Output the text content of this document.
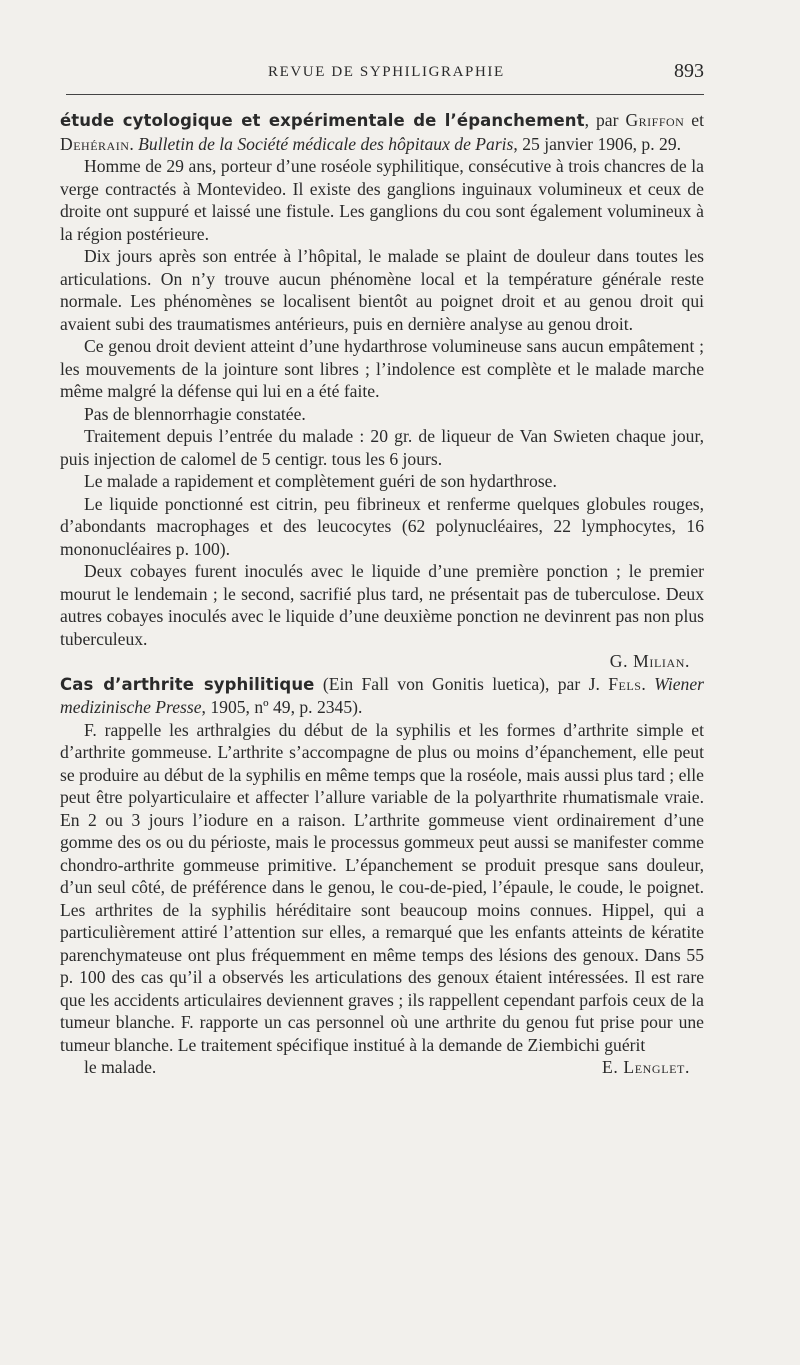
REVUE DE SYPHILIGRAPHIE	893

étude cytologique et expérimentale de l’épanchement, par Griffon et Dehérain. Bulletin de la Société médicale des hôpitaux de Paris, 25 janvier 1906, p. 29.

Homme de 29 ans, porteur d’une roséole syphilitique, consécutive à trois chancres de la verge contractés à Montevideo. Il existe des ganglions inguinaux volumineux et ceux de droite ont suppuré et laissé une fistule. Les ganglions du cou sont également volumineux à la région postérieure.

Dix jours après son entrée à l’hôpital, le malade se plaint de douleur dans toutes les articulations. On n’y trouve aucun phénomène local et la température générale reste normale. Les phénomènes se localisent bientôt au poignet droit et au genou droit qui avaient subi des traumatismes antérieurs, puis en dernière analyse au genou droit.

Ce genou droit devient atteint d’une hydarthrose volumineuse sans aucun empâtement ; les mouvements de la jointure sont libres ; l’indolence est complète et le malade marche même malgré la défense qui lui en a été faite.

Pas de blennorrhagie constatée.

Traitement depuis l’entrée du malade : 20 gr. de liqueur de Van Swieten chaque jour, puis injection de calomel de 5 centigr. tous les 6 jours.

Le malade a rapidement et complètement guéri de son hydarthrose.

Le liquide ponctionné est citrin, peu fibrineux et renferme quelques globules rouges, d’abondants macrophages et des leucocytes (62 polynucléaires, 22 lymphocytes, 16 mononucléaires p. 100).

Deux cobayes furent inoculés avec le liquide d’une première ponction ; le premier mourut le lendemain ; le second, sacrifié plus tard, ne présentait pas de tuberculose. Deux autres cobayes inoculés avec le liquide d’une deuxième ponction ne devinrent pas non plus tuberculeux.

G. Milian.

Cas d’arthrite syphilitique (Ein Fall von Gonitis luetica), par J. Fels. Wiener medizinische Presse, 1905, nº 49, p. 2345).

F. rappelle les arthralgies du début de la syphilis et les formes d’arthrite simple et d’arthrite gommeuse. L’arthrite s’accompagne de plus ou moins d’épanchement, elle peut se produire au début de la syphilis en même temps que la roséole, mais aussi plus tard ; elle peut être polyarticulaire et affecter l’allure variable de la polyarthrite rhumatismale vraie. En 2 ou 3 jours l’iodure en a raison. L’arthrite gommeuse vient ordinairement d’une gomme des os ou du périoste, mais le processus gommeux peut aussi se manifester comme chondro-arthrite gommeuse primitive. L’épanchement se produit presque sans douleur, d’un seul côté, de préférence dans le genou, le cou-de-pied, l’épaule, le coude, le poignet. Les arthrites de la syphilis héréditaire sont beaucoup moins connues. Hippel, qui a particulièrement attiré l’attention sur elles, a remarqué que les enfants atteints de kératite parenchymateuse ont plus fréquemment en même temps des lésions des genoux. Dans 55 p. 100 des cas qu’il a observés les articulations des genoux étaient intéressées. Il est rare que les accidents articulaires deviennent graves ; ils rappellent cependant parfois ceux de la tumeur blanche. F. rapporte un cas personnel où une arthrite du genou fut prise pour une tumeur blanche. Le traitement spécifique institué à la demande de Ziembichi guérit

le malade.	E. Lenglet.
